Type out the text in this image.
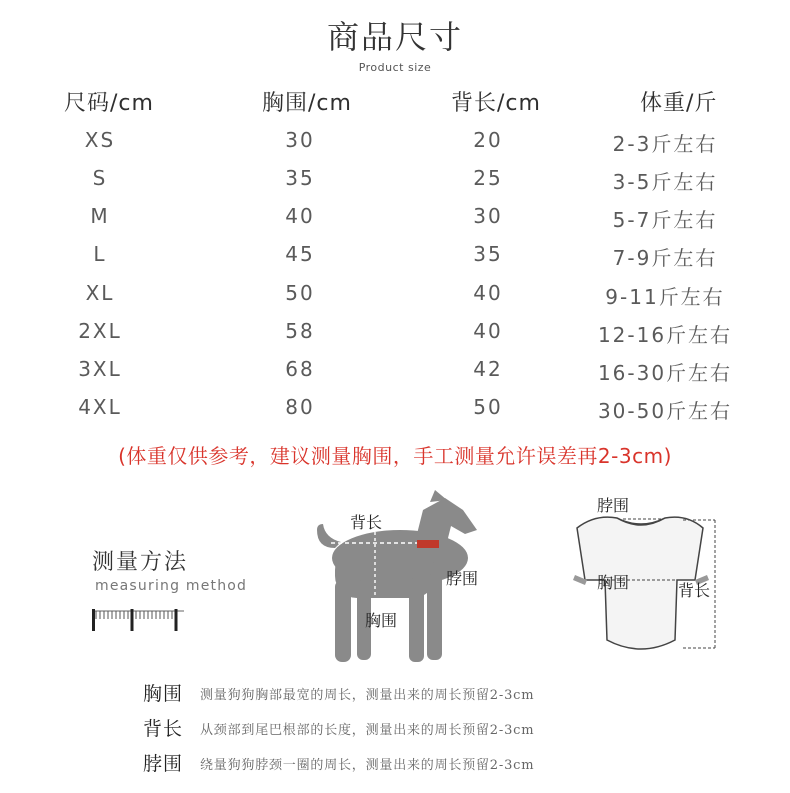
商品尺寸
Product size
尺码/cm	胸围/cm	背长/cm	体重/斤
XS	30	20	2-3斤左右
S	35	25	3-5斤左右
M	40	30	5-7斤左右
L	45	35	7-9斤左右
XL	50	40	9-11斤左右
2XL	58	40	12-16斤左右
3XL	68	42	16-30斤左右
4XL	80	50	30-50斤左右
(体重仅供参考，建议测量胸围，手工测量允许误差再2-3cm)
测量方法
measuring method
背长
脖围
胸围
脖围
胸围	背长
胸围 测量狗狗胸部最宽的周长，测量出来的周长预留2-3cm
背长 从颈部到尾巴根部的长度，测量出来的周长预留2-3cm
脖围 绕量狗狗脖颈一圈的周长，测量出来的周长预留2-3cm
